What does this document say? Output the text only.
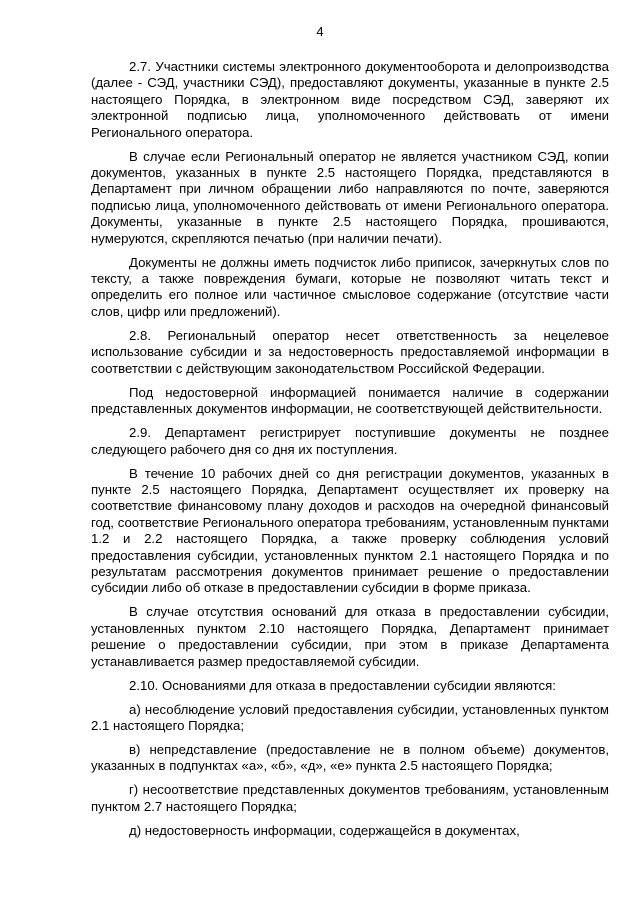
4

2.7. Участники системы электронного документооборота и делопроизводства (далее - СЭД, участники СЭД), предоставляют документы, указанные в пункте 2.5 настоящего Порядка, в электронном виде посредством СЭД, заверяют их электронной подписью лица, уполномоченного действовать от имени Регионального оператора.

В случае если Региональный оператор не является участником СЭД, копии документов, указанных в пункте 2.5 настоящего Порядка, представляются в Департамент при личном обращении либо направляются по почте, заверяются подписью лица, уполномоченного действовать от имени Регионального оператора. Документы, указанные в пункте 2.5 настоящего Порядка, прошиваются, нумеруются, скрепляются печатью (при наличии печати).

Документы не должны иметь подчисток либо приписок, зачеркнутых слов по тексту, а также повреждения бумаги, которые не позволяют читать текст и определить его полное или частичное смысловое содержание (отсутствие части слов, цифр или предложений).

2.8. Региональный оператор несет ответственность за нецелевое использование субсидии и за недостоверность предоставляемой информации в соответствии с действующим законодательством Российской Федерации.

Под недостоверной информацией понимается наличие в содержании представленных документов информации, не соответствующей действительности.

2.9. Департамент регистрирует поступившие документы не позднее следующего рабочего дня со дня их поступления.

В течение 10 рабочих дней со дня регистрации документов, указанных в пункте 2.5 настоящего Порядка, Департамент осуществляет их проверку на соответствие финансовому плану доходов и расходов на очередной финансовый год, соответствие Регионального оператора требованиям, установленным пунктами 1.2 и 2.2 настоящего Порядка, а также проверку соблюдения условий предоставления субсидии, установленных пунктом 2.1 настоящего Порядка и по результатам рассмотрения документов принимает решение о предоставлении субсидии либо об отказе в предоставлении субсидии в форме приказа.

В случае отсутствия оснований для отказа в предоставлении субсидии, установленных пунктом 2.10 настоящего Порядка, Департамент принимает решение о предоставлении субсидии, при этом в приказе Департамента устанавливается размер предоставляемой субсидии.

2.10. Основаниями для отказа в предоставлении субсидии являются:

а) несоблюдение условий предоставления субсидии, установленных пунктом 2.1 настоящего Порядка;

в) непредставление (предоставление не в полном объеме) документов, указанных в подпунктах «а», «б», «д», «е» пункта 2.5 настоящего Порядка;

г) несоответствие представленных документов требованиям, установленным пунктом 2.7 настоящего Порядка;

д) недостоверность информации, содержащейся в документах,
